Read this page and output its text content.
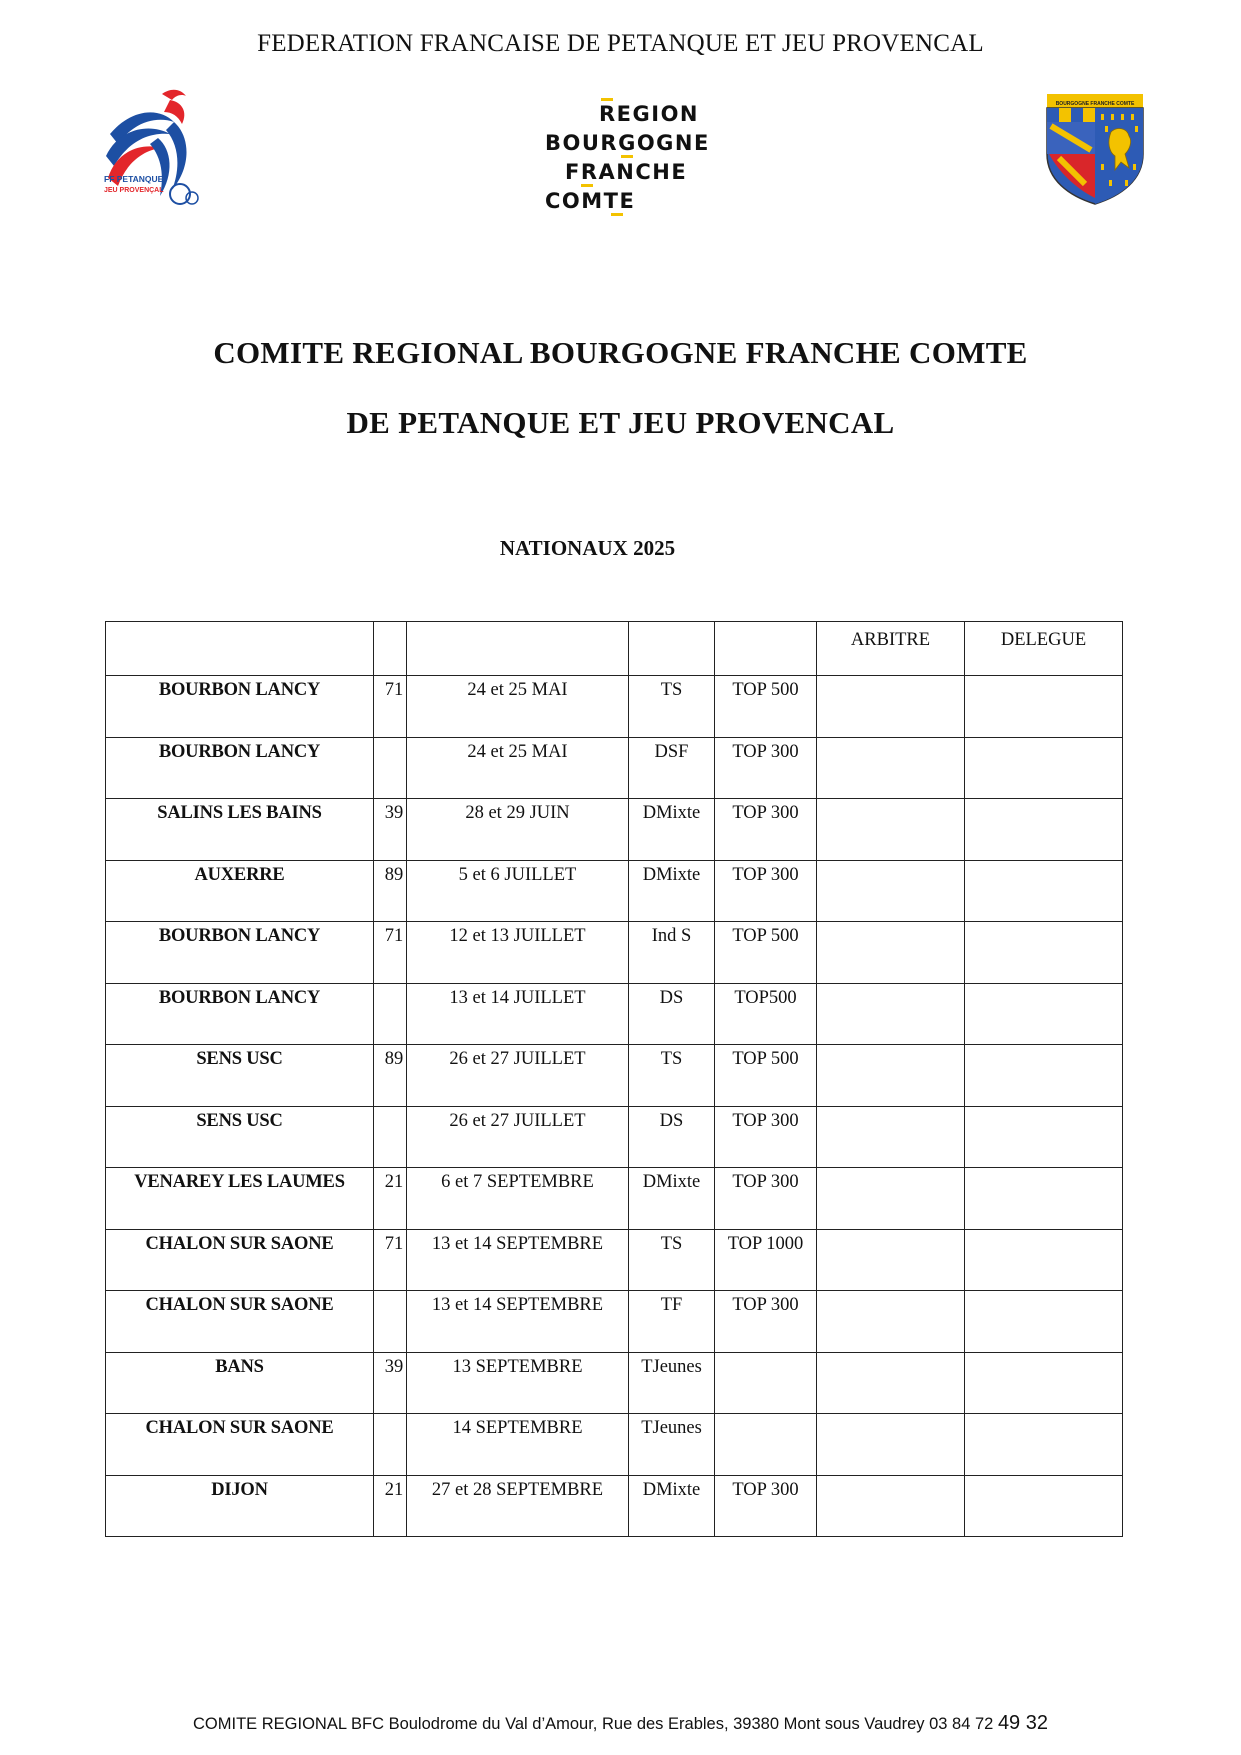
FEDERATION FRANCAISE DE PETANQUE ET JEU PROVENCAL
FF PETANQUE
JEU PROVENÇAL
REGION
BOURGOGNE
FRANCHE
COMTE
BOURGOGNE FRANCHE COMTE
COMITE REGIONAL BOURGOGNE FRANCHE COMTE
DE PETANQUE ET JEU PROVENCAL
NATIONAUX 2025
					ARBITRE	DELEGUE
BOURBON LANCY	71	24 et 25 MAI	TS	TOP 500		
BOURBON LANCY		24 et 25 MAI	DSF	TOP 300		
SALINS LES BAINS	39	28 et 29 JUIN	DMixte	TOP 300		
AUXERRE	89	5 et 6 JUILLET	DMixte	TOP 300		
BOURBON LANCY	71	12 et 13 JUILLET	Ind S	TOP 500		
BOURBON LANCY		13 et 14 JUILLET	DS	TOP500		
SENS USC	89	26 et 27 JUILLET	TS	TOP 500		
SENS USC		26 et 27 JUILLET	DS	TOP 300		
VENAREY LES LAUMES	21	6 et 7 SEPTEMBRE	DMixte	TOP 300		
CHALON SUR SAONE	71	13 et 14 SEPTEMBRE	TS	TOP 1000		
CHALON SUR SAONE		13 et 14 SEPTEMBRE	TF	TOP 300		
BANS	39	13 SEPTEMBRE	TJeunes			
CHALON SUR SAONE		14 SEPTEMBRE	TJeunes			
DIJON	21	27 et 28 SEPTEMBRE	DMixte	TOP 300		
COMITE REGIONAL BFC Boulodrome du Val d’Amour, Rue des Erables, 39380 Mont sous Vaudrey 03 84 72 49 32
